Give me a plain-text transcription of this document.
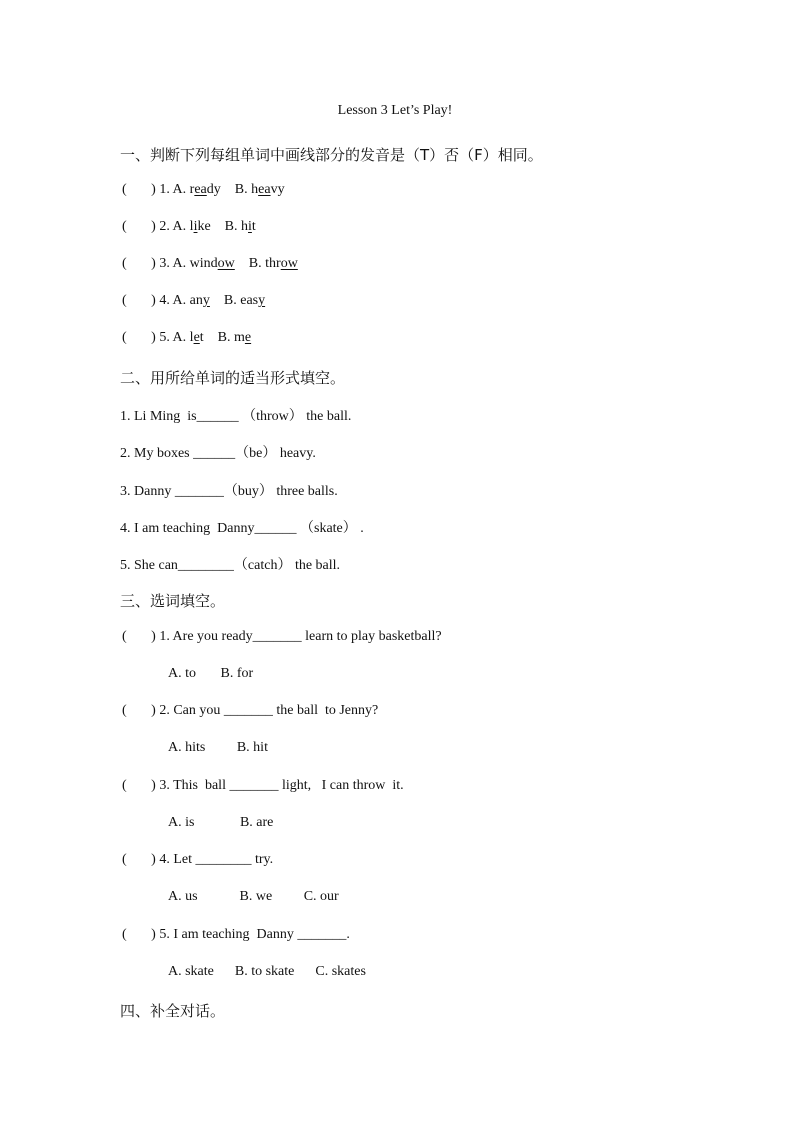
Lesson 3 Let’s Play!
一、判断下列每组单词中画线部分的发音是（T）否（F）相同。
(       ) 1. A. ready    B. heavy
(       ) 2. A. like    B. hit
(       ) 3. A. window    B. throw
(       ) 4. A. any    B. easy
(       ) 5. A. let    B. me
二、用所给单词的适当形式填空。
1. Li Ming  is______ （throw） the ball.
2. My boxes ______（be） heavy.
3. Danny _______（buy） three balls.
4. I am teaching  Danny______ （skate） .
5. She can________（catch） the ball.
三、选词填空。
(       ) 1. Are you ready_______ learn to play basketball?
A. to       B. for
(       ) 2. Can you _______ the ball  to Jenny?
A. hits         B. hit
(       ) 3. This  ball _______ light,   I can throw  it.
A. is             B. are
(       ) 4. Let ________ try.
A. us            B. we         C. our
(       ) 5. I am teaching  Danny _______.
A. skate      B. to skate      C. skates
四、补全对话。
